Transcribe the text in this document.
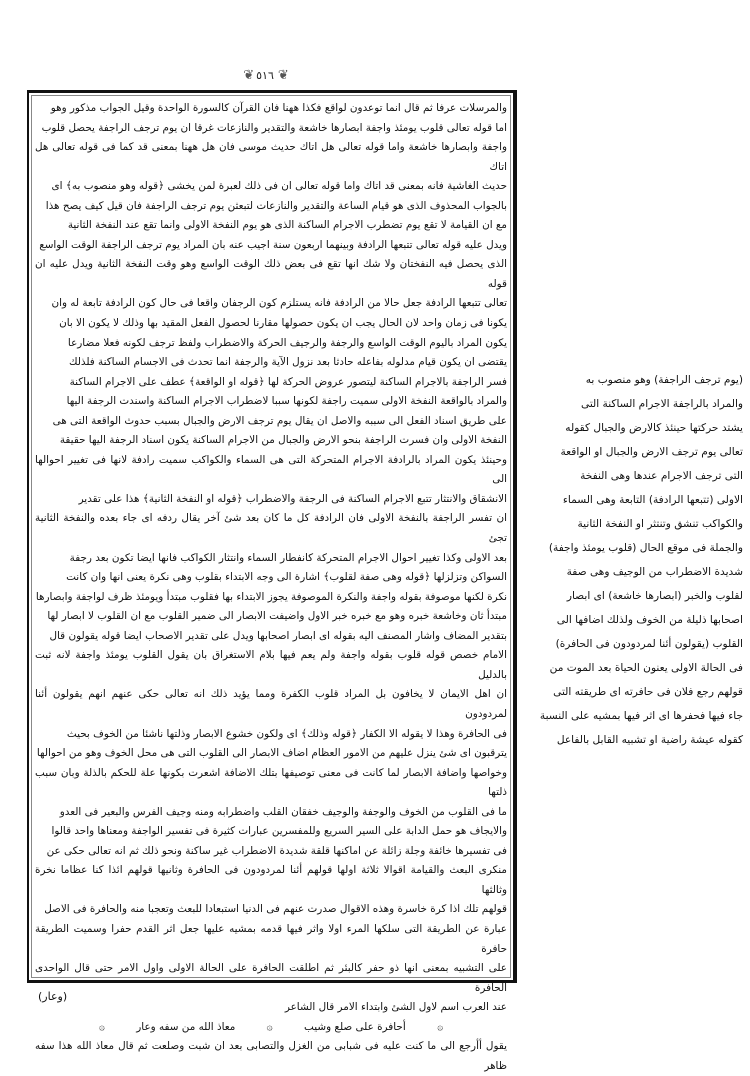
❦ ٥١٦ ❦

والمرسلات عرفا ثم قال انما توعدون لواقع فكذا ههنا فان القرآن كالسورة الواحدة وقيل الجواب مذكور وهو

اما قوله تعالى قلوب يومئذ واجفة ابصارها خاشعة والتقدير والنازعات غرقا ان يوم ترجف الراجفة يحصل قلوب

واجفة وابصارها خاشعة واما قوله تعالى هل اتاك حديث موسى فان هل ههنا بمعنى قد كما فى قوله تعالى هل اتاك

حديث الغاشية فانه بمعنى قد اتاك واما قوله تعالى ان فى ذلك لعبرة لمن يخشى ﴿قوله وهو منصوب به﴾ اى

بالجواب المحذوف الذى هو قيام الساعة والتقدير والنازعات لتبعثن يوم ترجف الراجفة فان قيل كيف يصح هذا

مع ان القيامة لا تقع يوم تضطرب الاجرام الساكنة الذى هو يوم النفخة الاولى وانما تقع عند النفخة الثانية

ويدل عليه قوله تعالى تتبعها الرادفة وبينهما اربعون سنة اجيب عنه بان المراد يوم ترجف الراجفة الوقت الواسع

الذى يحصل فيه النفختان ولا شك انها تقع فى بعض ذلك الوقت الواسع وهو وقت النفخة الثانية ويدل عليه ان قوله

تعالى تتبعها الرادفة جعل حالا من الرادفة فانه يستلزم كون الرجفان واقعا فى حال كون الرادفة تابعة له وان

يكونا فى زمان واحد لان الحال يجب ان يكون حصولها مقارنا لحصول الفعل المقيد بها وذلك لا يكون الا بان

يكون المراد باليوم الوقت الواسع والرجفة والرجيف الحركة والاضطراب ولفظ ترجف لكونه فعلا مضارعا

يقتضى ان يكون قيام مدلوله بفاعله حادثا بعد نزول الآية والرجفة انما تحدث فى الاجسام الساكنة فلذلك

فسر الراجفة بالاجرام الساكنة ليتصور عروض الحركة لها ﴿قوله او الواقعة﴾ عطف على الاجرام الساكنة

والمراد بالواقعة النفخة الاولى سميت راجفة لكونها سببا لاضطراب الاجرام الساكنة واسندت الرجفة اليها

على طريق اسناد الفعل الى سببه والاصل ان يقال يوم ترجف الارض والجبال بسبب حدوث الواقعة التى هى

النفخة الاولى وان فسرت الراجفة بنحو الارض والجبال من الاجرام الساكنة يكون اسناد الرجفة اليها حقيقة

وحينئذ يكون المراد بالرادفة الاجرام المتحركة التى هى السماء والكواكب سميت رادفة لانها فى تغيير احوالها الى

الانشقاق والانتثار تتبع الاجرام الساكنة فى الرجفة والاضطراب ﴿قوله او النفخة الثانية﴾ هذا على تقدير

ان تفسر الراجفة بالنفخة الاولى فان الرادفة كل ما كان بعد شئ آخر يقال ردفه اى جاء بعده والنفخة الثانية تجئ

بعد الاولى وكذا تغيير احوال الاجرام المتحركة كانفطار السماء وانتثار الكواكب فانها ايضا تكون بعد رجفة

السواكن وتزلزلها ﴿قوله وهى صفة لقلوب﴾ اشارة الى وجه الابتداء بقلوب وهى نكرة يعنى انها وان كانت

نكرة لكنها موصوفة بقوله واجفة والنكرة الموصوفة يجوز الابتداء بها فقلوب مبتدأ ويومئذ ظرف لواجفة وابصارها

مبتدأ ثان وخاشعة خبره وهو مع خبره خبر الاول واضيفت الابصار الى ضمير القلوب مع ان القلوب لا ابصار لها

بتقدير المضاف واشار المصنف اليه بقوله اى ابصار اصحابها ويدل على تقدير الاصحاب ايضا قوله يقولون قال

الامام خصص قوله قلوب بقوله واجفة ولم يعم فيها بلام الاستغراق بان يقول القلوب يومئذ واجفة لانه ثبت بالدليل

ان اهل الايمان لا يخافون بل المراد قلوب الكفرة ومما يؤيد ذلك انه تعالى حكى عنهم انهم يقولون أئنا لمردودون

فى الحافرة وهذا لا يقوله الا الكفار ﴿قوله وذلك﴾ اى ولكون خشوع الابصار وذلتها ناشئا من الخوف بحيث

يترقبون اى شئ ينزل عليهم من الامور العظام اضاف الابصار الى القلوب التى هى محل الخوف وهو من احوالها

وخواصها واضافة الابصار لما كانت فى معنى توصيفها بتلك الاضافة اشعرت بكونها علة للحكم بالذلة وبان سبب ذلتها

ما فى القلوب من الخوف والوجفة والوجيف خفقان القلب واضطرابه ومنه وجيف الفرس والبعير فى العدو

والايجاف هو حمل الدابة على السير السريع وللمفسرين عبارات كثيرة فى تفسير الواجفة ومعناها واحد قالوا

فى تفسيرها خائفة وجلة زائلة عن اماكنها قلقة شديدة الاضطراب غير ساكنة ونحو ذلك ثم انه تعالى حكى عن

منكرى البعث والقيامة اقوالا ثلاثة اولها قولهم أئنا لمردودون فى الحافرة وثانيها قولهم ائذا كنا عظاما نخرة وثالثها

قولهم تلك اذا كرة خاسرة وهذه الاقوال صدرت عنهم فى الدنيا استبعادا للبعث وتعجبا منه والحافرة فى الاصل

عبارة عن الطريقة التى سلكها المرء اولا واثر فيها قدمه بمشيه عليها جعل اثر القدم حفرا وسميت الطريقة حافرة

على التشبيه بمعنى انها ذو حفر كالبئر ثم اطلقت الحافرة على الحالة الاولى واول الامر حتى قال الواحدى الحافرة

عند العرب اسم لاول الشئ وابتداء الامر قال الشاعر

۞ أحافرة على صلع وشيب ۞ معاذ الله من سفه وعار ۞

يقول أأرجع الى ما كنت عليه فى شبابى من الغزل والتصابى بعد ان شبت وصلعت ثم قال معاذ الله هذا سفه ظاهر

(يوم ترجف الراجفة) وهو منصوب به

والمراد بالراجفة الاجرام الساكنة التى

يشتد حركتها حينئذ كالارض والجبال كقوله

تعالى يوم ترجف الارض والجبال او الواقعة

التى ترجف الاجرام عندها وهى النفخة

الاولى (تتبعها الرادفة) التابعة وهى السماء

والكواكب تنشق وتنتثر او النفخة الثانية

والجملة فى موقع الحال (قلوب يومئذ واجفة)

شديدة الاضطراب من الوجيف وهى صفة

لقلوب والخبر (ابصارها خاشعة) اى ابصار

اصحابها ذليلة من الخوف ولذلك اضافها الى

القلوب (يقولون أئنا لمردودون فى الحافرة)

فى الحالة الاولى يعنون الحياة بعد الموت من

قولهم رجع فلان فى حافرته اى طريقته التى

جاء فيها فحفرها اى اثر فيها بمشيه على النسبة

كقوله عيشة راضية او تشبيه القابل بالفاعل

(وعار)
